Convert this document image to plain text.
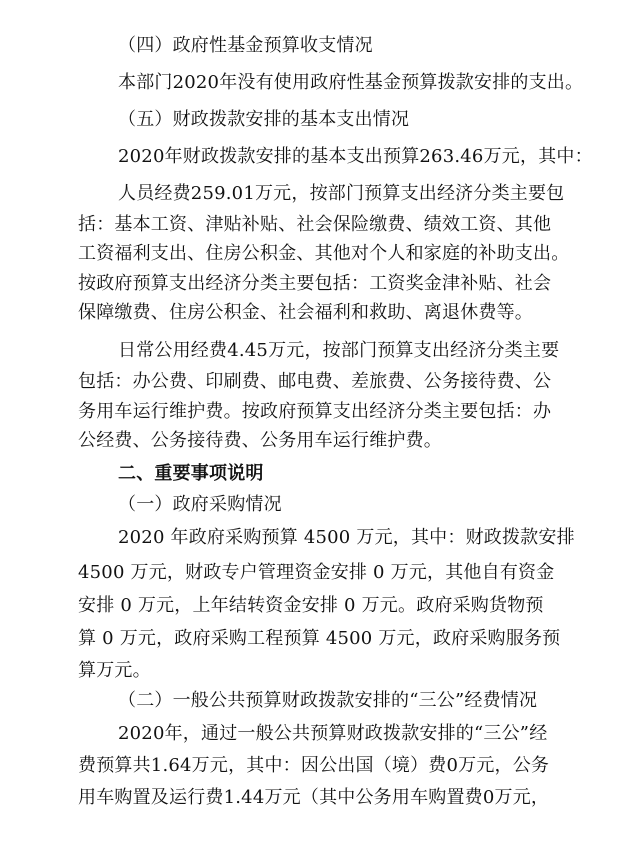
（四）政府性基金预算收支情况
本部门2020年没有使用政府性基金预算拨款安排的支出。
（五）财政拨款安排的基本支出情况
2020年财政拨款安排的基本支出预算263.46万元，其中：
人员经费259.01万元，按部门预算支出经济分类主要包
括：基本工资、津贴补贴、社会保险缴费、绩效工资、其他
工资福利支出、住房公积金、其他对个人和家庭的补助支出。
按政府预算支出经济分类主要包括：工资奖金津补贴、社会
保障缴费、住房公积金、社会福利和救助、离退休费等。
日常公用经费4.45万元，按部门预算支出经济分类主要
包括：办公费、印刷费、邮电费、差旅费、公务接待费、公
务用车运行维护费。按政府预算支出经济分类主要包括：办
公经费、公务接待费、公务用车运行维护费。
二、重要事项说明
（一）政府采购情况
2020 年政府采购预算 4500 万元，其中：财政拨款安排
4500 万元，财政专户管理资金安排 0 万元，其他自有资金
安排 0 万元，上年结转资金安排 0 万元。政府采购货物预
算 0 万元，政府采购工程预算 4500 万元，政府采购服务预
算万元。
（二）一般公共预算财政拨款安排的“三公”经费情况
2020年，通过一般公共预算财政拨款安排的“三公”经
费预算共1.64万元，其中：因公出国（境）费0万元，公务
用车购置及运行费1.44万元（其中公务用车购置费0万元，
